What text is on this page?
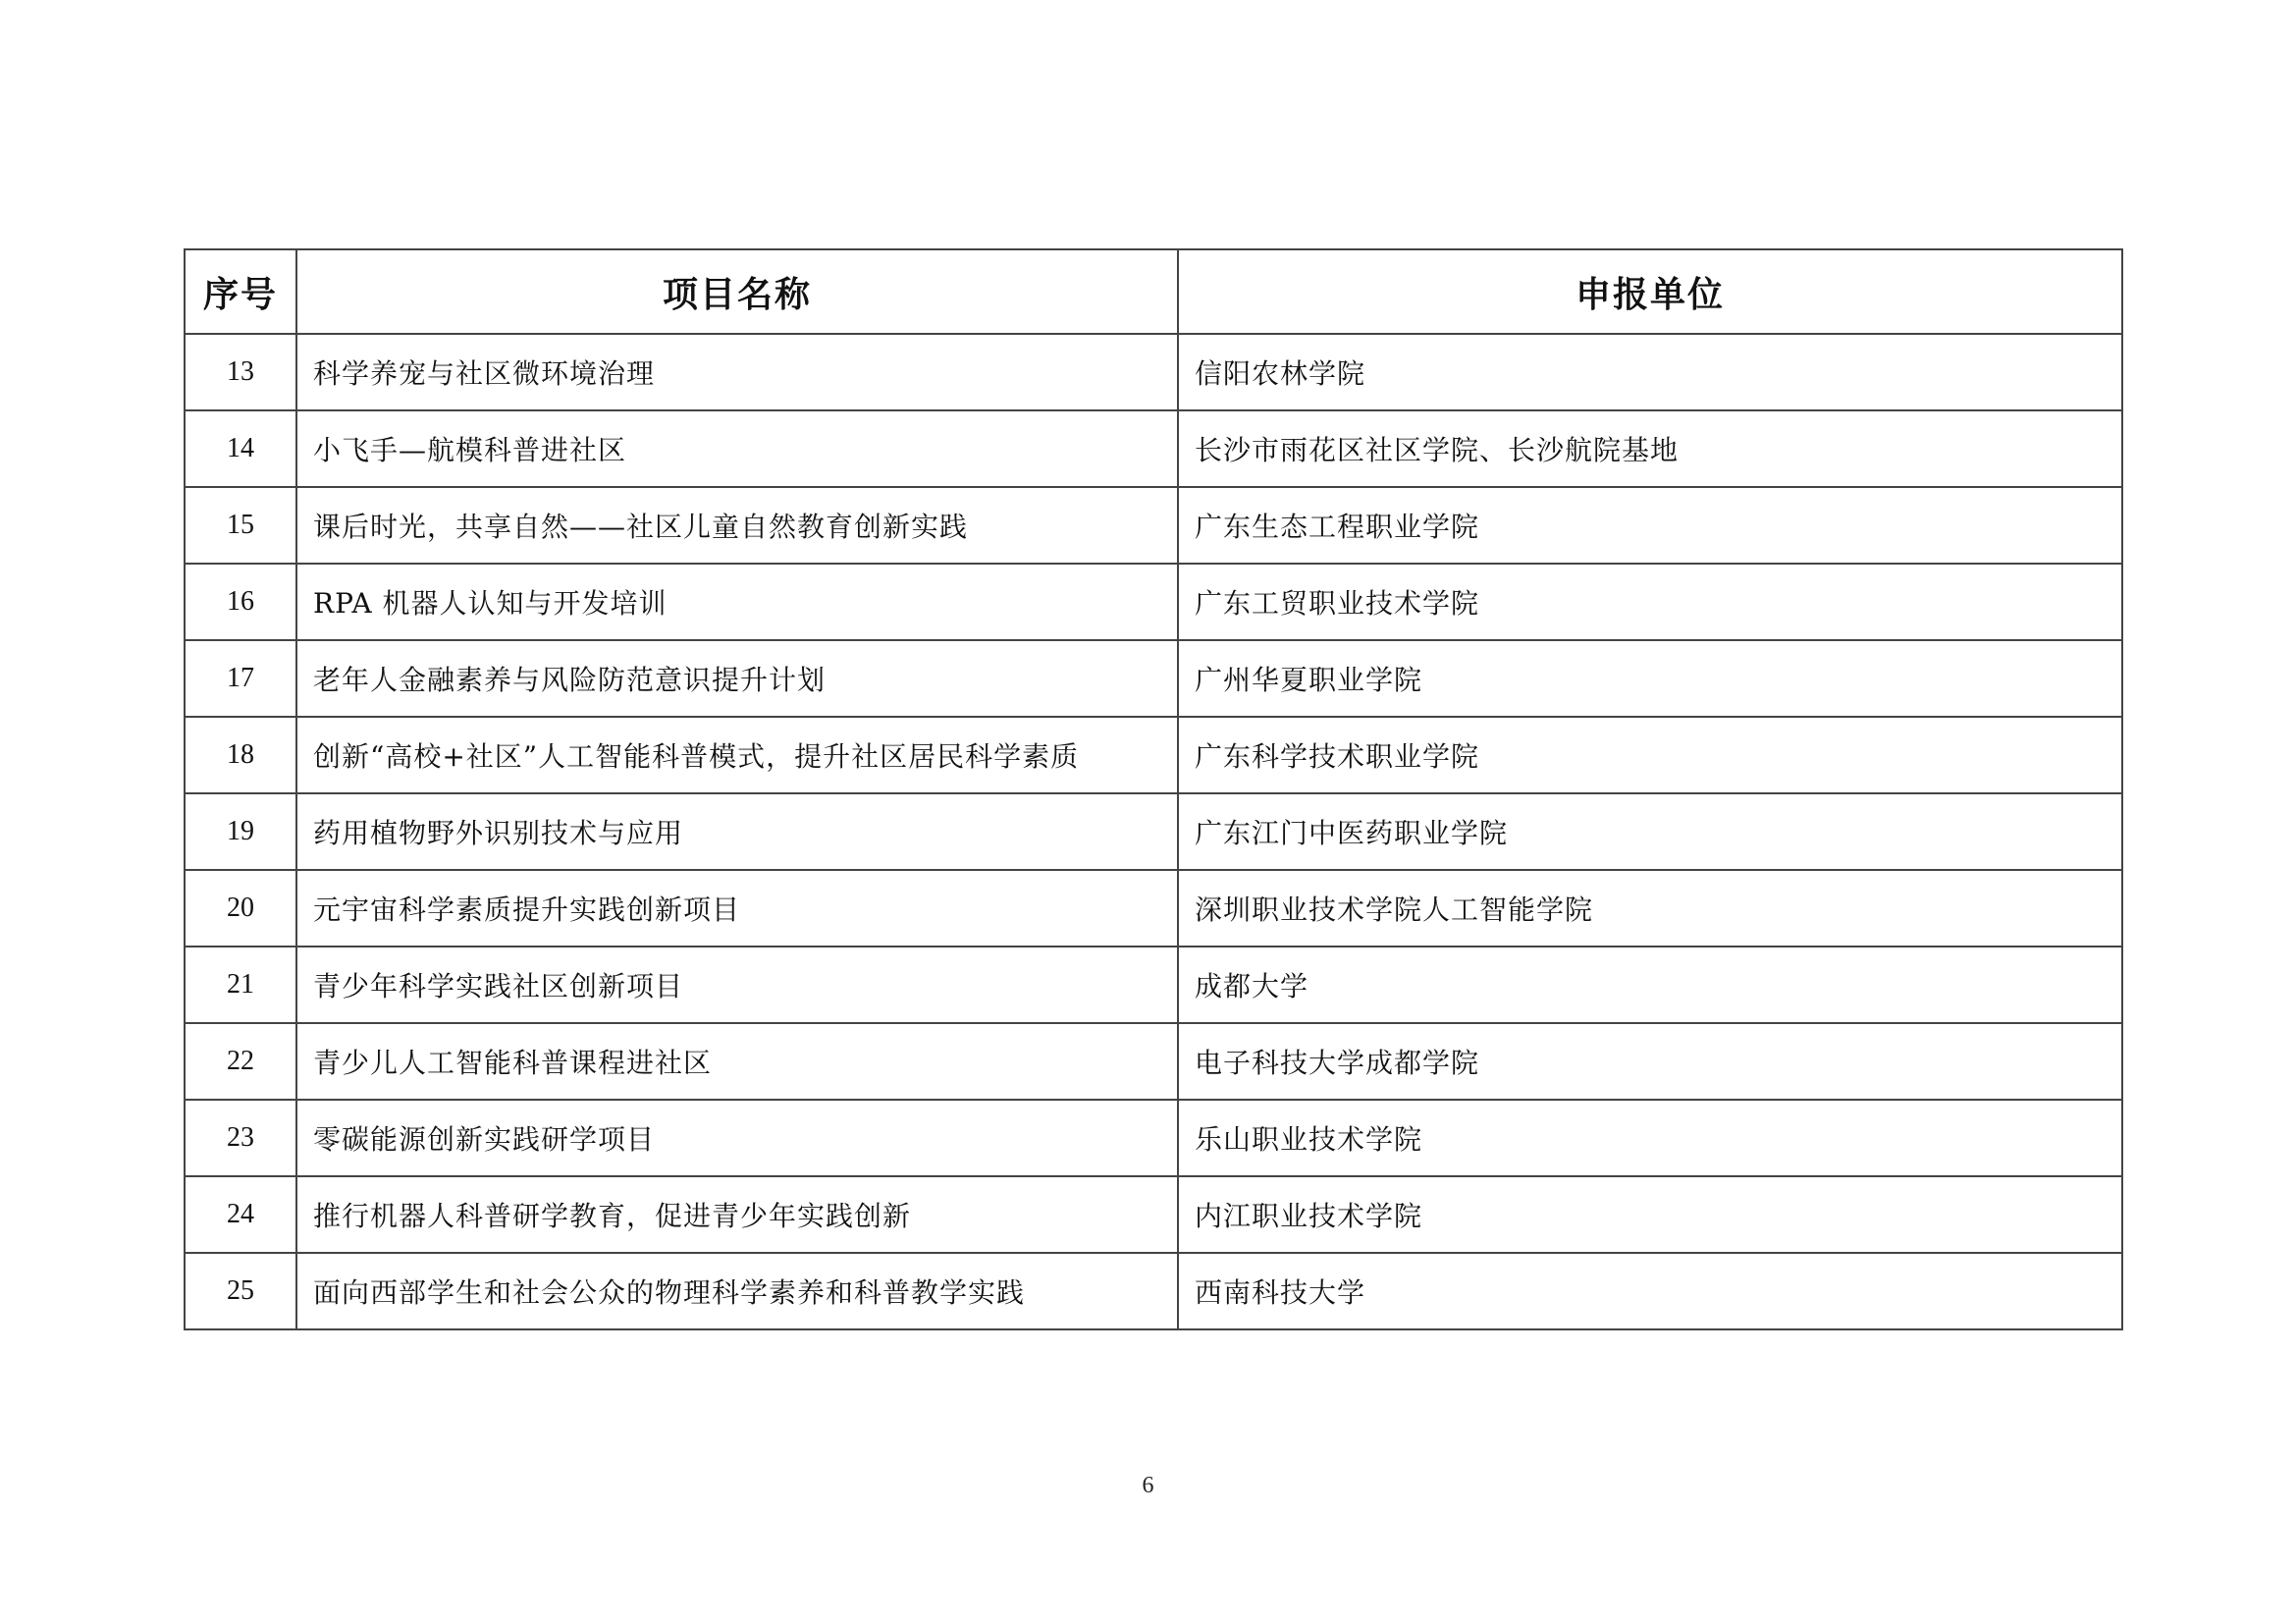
序号	项目名称	申报单位
13	科学养宠与社区微环境治理	信阳农林学院
14	小飞手—航模科普进社区	长沙市雨花区社区学院、长沙航院基地
15	课后时光，共享自然——社区儿童自然教育创新实践	广东生态工程职业学院
16	RPA 机器人认知与开发培训	广东工贸职业技术学院
17	老年人金融素养与风险防范意识提升计划	广州华夏职业学院
18	创新“高校+社区”人工智能科普模式，提升社区居民科学素质	广东科学技术职业学院
19	药用植物野外识别技术与应用	广东江门中医药职业学院
20	元宇宙科学素质提升实践创新项目	深圳职业技术学院人工智能学院
21	青少年科学实践社区创新项目	成都大学
22	青少儿人工智能科普课程进社区	电子科技大学成都学院
23	零碳能源创新实践研学项目	乐山职业技术学院
24	推行机器人科普研学教育，促进青少年实践创新	内江职业技术学院
25	面向西部学生和社会公众的物理科学素养和科普教学实践	西南科技大学
6
